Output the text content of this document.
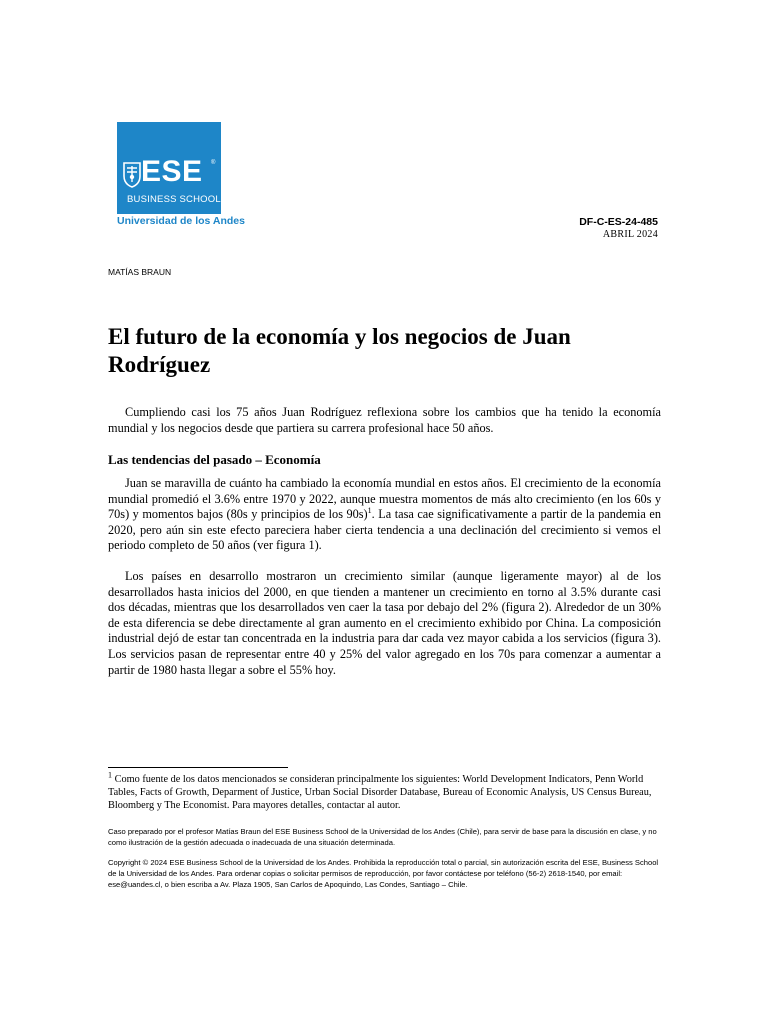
ESE ®
BUSINESS SCHOOL
Universidad de los Andes	DF-C-ES-24-485
ABRIL 2024
MATÍAS BRAUN
El futuro de la economía y los negocios de Juan Rodríguez

Cumpliendo casi los 75 años Juan Rodríguez reflexiona sobre los cambios que ha tenido la economía mundial y los negocios desde que partiera su carrera profesional hace 50 años.

Las tendencias del pasado – Economía

Juan se maravilla de cuánto ha cambiado la economía mundial en estos años. El crecimiento de la economía mundial promedió el 3.6% entre 1970 y 2022, aunque muestra momentos de más alto crecimiento (en los 60s y 70s) y momentos bajos (80s y principios de los 90s)$^1$. La tasa cae significativamente a partir de la pandemia en 2020, pero aún sin este efecto pareciera haber cierta tendencia a una declinación del crecimiento si vemos el periodo completo de 50 años (ver figura 1).

Los países en desarrollo mostraron un crecimiento similar (aunque ligeramente mayor) al de los desarrollados hasta inicios del 2000, en que tienden a mantener un crecimiento en torno al 3.5% durante casi dos décadas, mientras que los desarrollados ven caer la tasa por debajo del 2% (figura 2). Alrededor de un 30% de esta diferencia se debe directamente al gran aumento en el crecimiento exhibido por China. La composición industrial dejó de estar tan concentrada en la industria para dar cada vez mayor cabida a los servicios (figura 3). Los servicios pasan de representar entre 40 y 25% del valor agregado en los 70s para comenzar a aumentar a partir de 1980 hasta llegar a sobre el 55% hoy.

$^1$ Como fuente de los datos mencionados se consideran principalmente los siguientes: World Development Indicators, Penn World Tables, Facts of Growth, Deparment of Justice, Urban Social Disorder Database, Bureau of Economic Analysis, US Census Bureau, Bloomberg y The Economist. Para mayores detalles, contactar al autor.

Caso preparado por el profesor Matías Braun del ESE Business School de la Universidad de los Andes (Chile), para servir de base para la discusión en clase, y no como ilustración de la gestión adecuada o inadecuada de una situación determinada.

Copyright © 2024 ESE Business School de la Universidad de los Andes. Prohibida la reproducción total o parcial, sin autorización escrita del ESE, Business School de la Universidad de los Andes. Para ordenar copias o solicitar permisos de reproducción, por favor contáctese por teléfono (56-2) 2618-1540, por email: ese@uandes.cl, o bien escriba a Av. Plaza 1905, San Carlos de Apoquindo, Las Condes, Santiago – Chile.
